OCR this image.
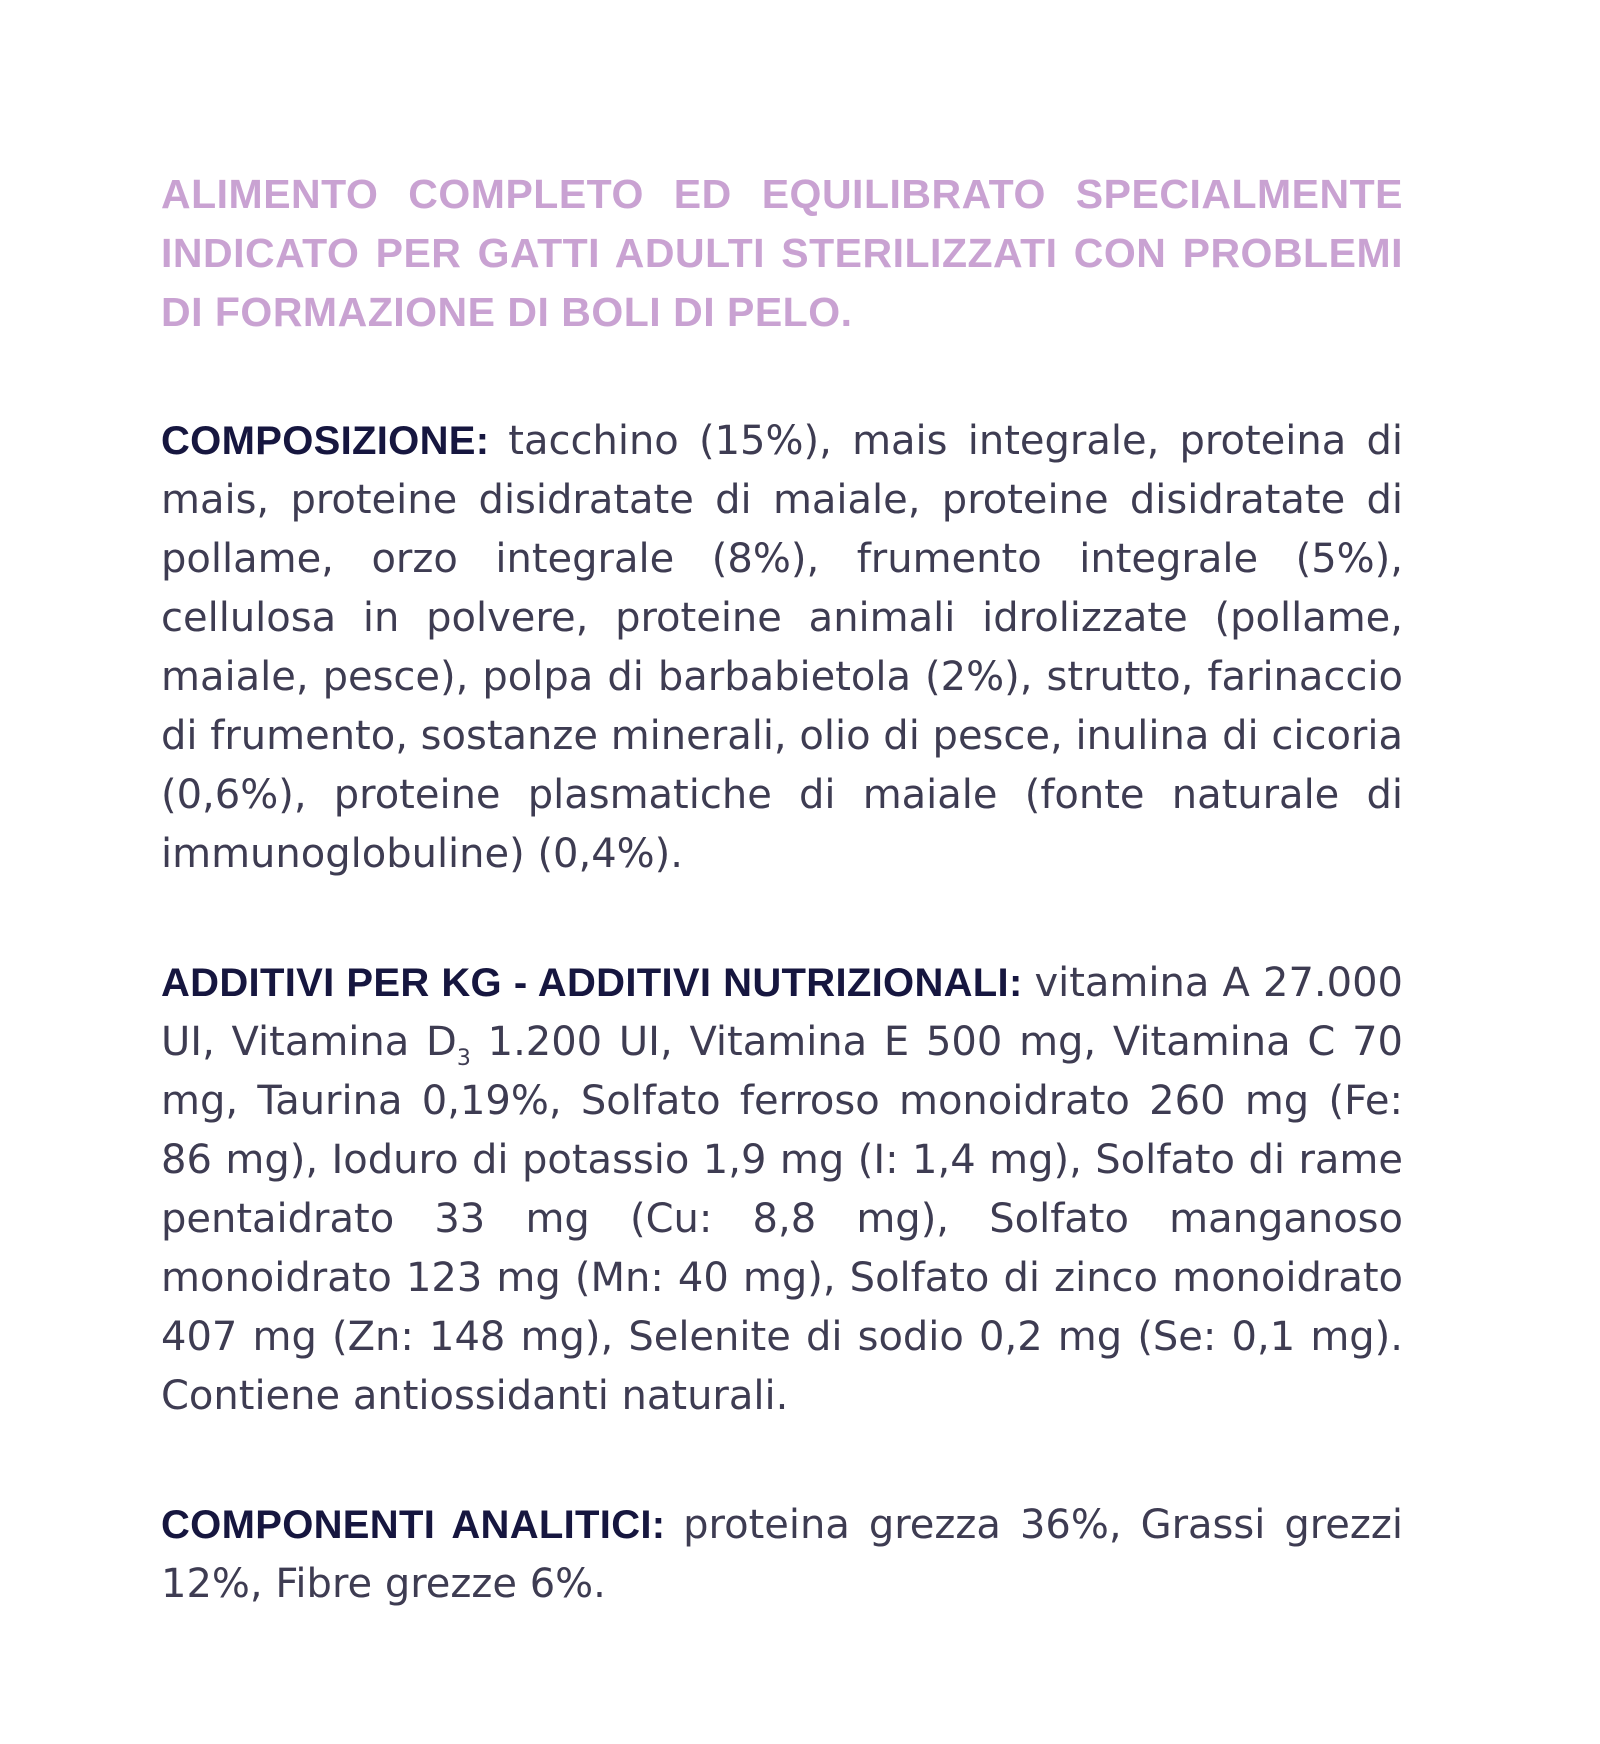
ALIMENTO COMPLETO ED EQUILIBRATO SPECIALMENTE INDICATO PER GATTI ADULTI STERILIZZATI CON PROBLEMI DI FORMAZIONE DI BOLI DI PELO.

COMPOSIZIONE: tacchino (15%), mais integrale, proteina di mais, proteine disidratate di maiale, proteine disidratate di pollame, orzo integrale (8%), frumento integrale (5%), cellulosa in polvere, proteine animali idrolizzate (pollame, maiale, pesce), polpa di barbabietola (2%), strutto, farinaccio di frumento, sostanze minerali, olio di pesce, inulina di cicoria (0,6%), proteine plasmatiche di maiale (fonte naturale di immunoglobuline) (0,4%).

ADDITIVI PER KG - ADDITIVI NUTRIZIONALI: vitamina A 27.000 UI, Vitamina $D_3$ 1.200 UI, Vitamina E 500 mg, Vitamina C 70 mg, Taurina 0,19%, Solfato ferroso monoidrato 260 mg (Fe: 86 mg), Ioduro di potassio 1,9 mg (I: 1,4 mg), Solfato di rame pentaidrato 33 mg (Cu: 8,8 mg), Solfato manganoso monoidrato 123 mg (Mn: 40 mg), Solfato di zinco monoidrato 407 mg (Zn: 148 mg), Selenite di sodio 0,2 mg (Se: 0,1 mg). Contiene antiossidanti naturali.

COMPONENTI ANALITICI: proteina grezza 36%, Grassi grezzi 12%, Fibre grezze 6%.
